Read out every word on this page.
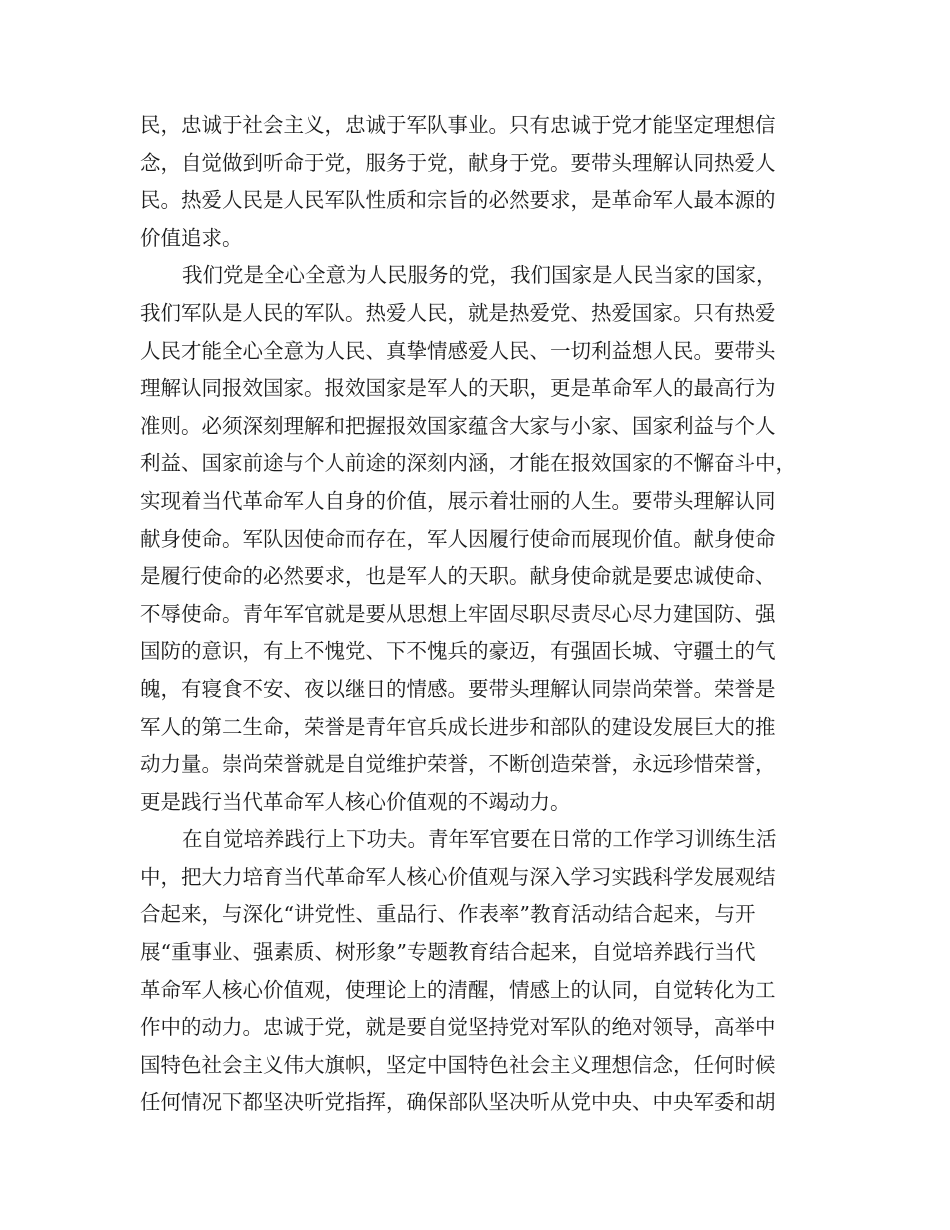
民，忠诚于社会主义，忠诚于军队事业。只有忠诚于党才能坚定理想信
念，自觉做到听命于党，服务于党，献身于党。要带头理解认同热爱人
民。热爱人民是人民军队性质和宗旨的必然要求，是革命军人最本源的
价值追求。
我们党是全心全意为人民服务的党，我们国家是人民当家的国家，
我们军队是人民的军队。热爱人民，就是热爱党、热爱国家。只有热爱
人民才能全心全意为人民、真挚情感爱人民、一切利益想人民。要带头
理解认同报效国家。报效国家是军人的天职，更是革命军人的最高行为
准则。必须深刻理解和把握报效国家蕴含大家与小家、国家利益与个人
利益、国家前途与个人前途的深刻内涵，才能在报效国家的不懈奋斗中，
实现着当代革命军人自身的价值，展示着壮丽的人生。要带头理解认同
献身使命。军队因使命而存在，军人因履行使命而展现价值。献身使命
是履行使命的必然要求，也是军人的天职。献身使命就是要忠诚使命、
不辱使命。青年军官就是要从思想上牢固尽职尽责尽心尽力建国防、强
国防的意识，有上不愧党、下不愧兵的豪迈，有强固长城、守疆土的气
魄，有寝食不安、夜以继日的情感。要带头理解认同崇尚荣誉。荣誉是
军人的第二生命，荣誉是青年官兵成长进步和部队的建设发展巨大的推
动力量。崇尚荣誉就是自觉维护荣誉，不断创造荣誉，永远珍惜荣誉，
更是践行当代革命军人核心价值观的不竭动力。
在自觉培养践行上下功夫。青年军官要在日常的工作学习训练生活
中，把大力培育当代革命军人核心价值观与深入学习实践科学发展观结
合起来，与深化“讲党性、重品行、作表率”教育活动结合起来，与开
展“重事业、强素质、树形象”专题教育结合起来，自觉培养践行当代
革命军人核心价值观，使理论上的清醒，情感上的认同，自觉转化为工
作中的动力。忠诚于党，就是要自觉坚持党对军队的绝对领导，高举中
国特色社会主义伟大旗帜，坚定中国特色社会主义理想信念，任何时候
任何情况下都坚决听党指挥，确保部队坚决听从党中央、中央军委和胡
